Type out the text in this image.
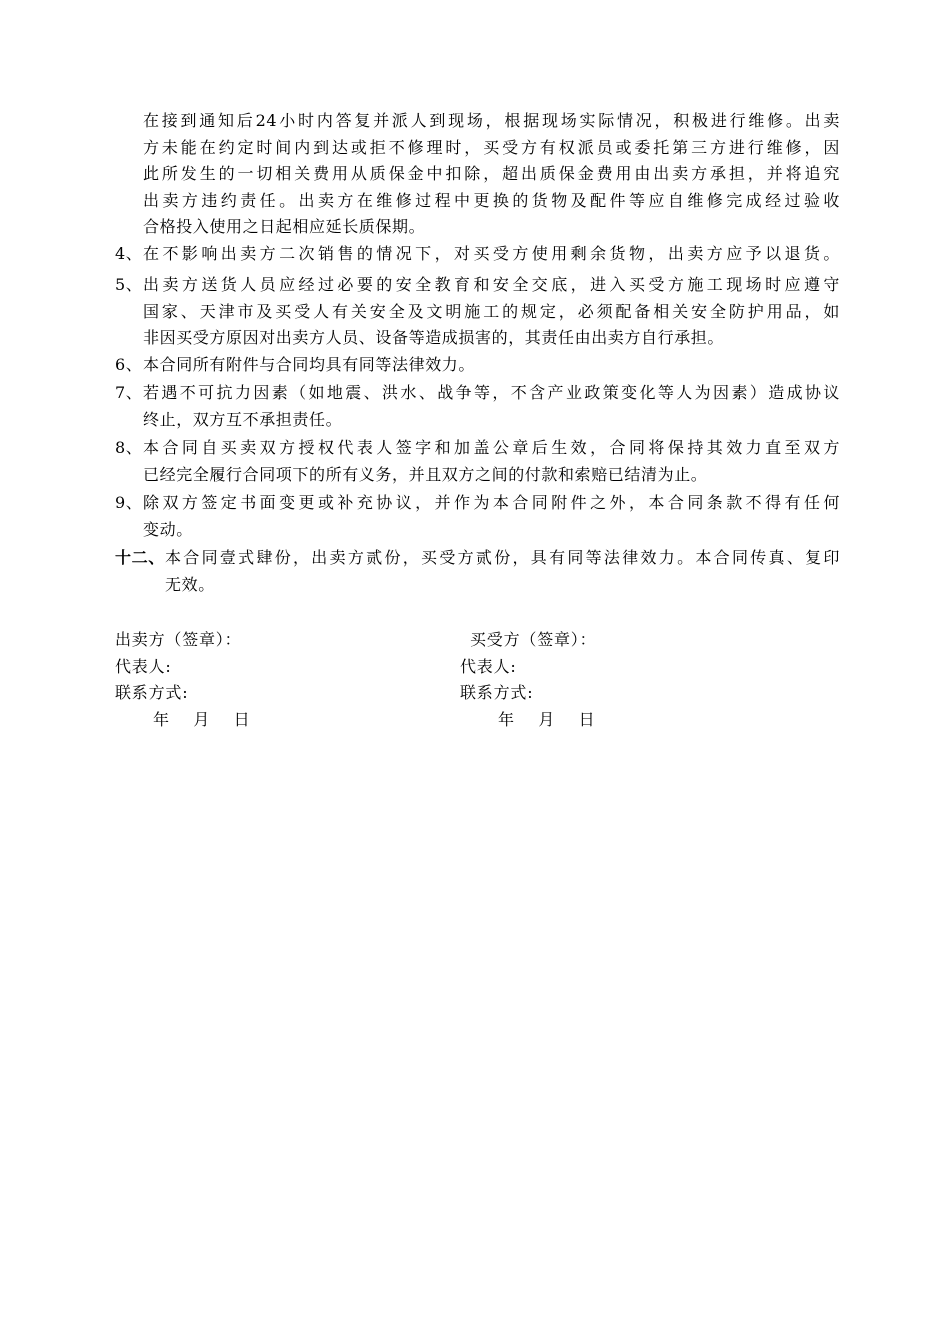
在接到通知后24小时内答复并派人到现场，根据现场实际情况，积极进行维修。出卖
方未能在约定时间内到达或拒不修理时，买受方有权派员或委托第三方进行维修，因
此所发生的一切相关费用从质保金中扣除，超出质保金费用由出卖方承担，并将追究
出卖方违约责任。出卖方在维修过程中更换的货物及配件等应自维修完成经过验收
合格投入使用之日起相应延长质保期。
4、 在不影响出卖方二次销售的情况下，对买受方使用剩余货物，出卖方应予以退货。
5、 出卖方送货人员应经过必要的安全教育和安全交底，进入买受方施工现场时应遵守
国家、天津市及买受人有关安全及文明施工的规定，必须配备相关安全防护用品，如
非因买受方原因对出卖方人员、设备等造成损害的，其责任由出卖方自行承担。
6、 本合同所有附件与合同均具有同等法律效力。
7、 若遇不可抗力因素（如地震、洪水、战争等，不含产业政策变化等人为因素）造成协议
终止，双方互不承担责任。
8、 本合同自买卖双方授权代表人签字和加盖公章后生效，合同将保持其效力直至双方
已经完全履行合同项下的所有义务，并且双方之间的付款和索赔已结清为止。
9、 除双方签定书面变更或补充协议，并作为本合同附件之外，本合同条款不得有任何
变动。
十二、 本合同壹式肆份，出卖方贰份，买受方贰份，具有同等法律效力。本合同传真、复印
无效。
出卖方（签章）：
代表人:
联系方式:
年    月    日
买受方（签章）：
代表人:
联系方式:
年    月    日
